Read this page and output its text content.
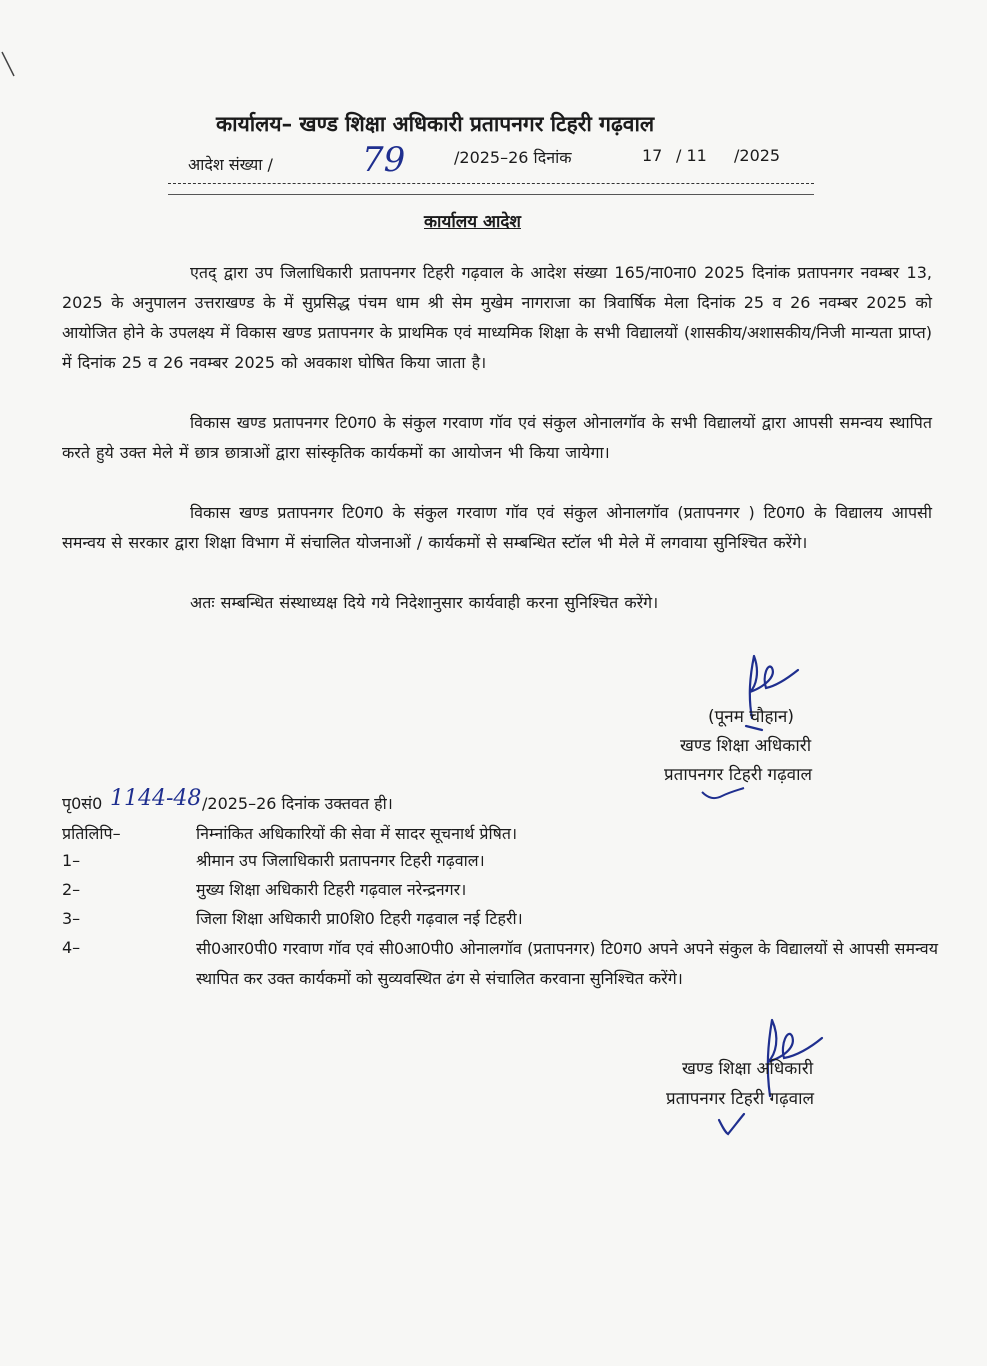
कार्यालय– खण्ड शिक्षा अधिकारी प्रतापनगर टिहरी गढ़वाल
आदेश संख्या /	79	/2025–26 दिनांक	17 / 11 /2025
कार्यालय आदेश
एतद् द्वारा उप जिलाधिकारी प्रतापनगर टिहरी गढ़वाल के आदेश संख्या 165/ना0ना0 2025 दिनांक प्रतापनगर नवम्बर 13, 2025 के अनुपालन उत्तराखण्ड के में सुप्रसिद्ध पंचम धाम श्री सेम मुखेम नागराजा का त्रिवार्षिक मेला दिनांक 25 व 26 नवम्बर 2025 को आयोजित होने के उपलक्ष्य में विकास खण्ड प्रतापनगर के प्राथमिक एवं माध्यमिक शिक्षा के सभी विद्यालयों (शासकीय/अशासकीय/निजी मान्यता प्राप्त) में दिनांक 25 व 26 नवम्बर 2025 को अवकाश घोषित किया जाता है।
विकास खण्ड प्रतापनगर टि0ग0 के संकुल गरवाण गॉव एवं संकुल ओनालगॉव के सभी विद्यालयों द्वारा आपसी समन्वय स्थापित करते हुये उक्त मेले में छात्र छात्राओं द्वारा सांस्कृतिक कार्यकमों का आयोजन भी किया जायेगा।
विकास खण्ड प्रतापनगर टि0ग0 के संकुल गरवाण गॉव एवं संकुल ओनालगॉव (प्रतापनगर ) टि0ग0 के विद्यालय आपसी समन्वय से सरकार द्वारा शिक्षा विभाग में संचालित योजनाओं / कार्यकमों से सम्बन्धित स्टॉल भी मेले में लगवाया सुनिश्चित करेंगे।
अतः सम्बन्धित संस्थाध्यक्ष दिये गये निदेशानुसार कार्यवाही करना सुनिश्चित करेंगे।
(पूनम चौहान)
खण्ड शिक्षा अधिकारी
प्रतापनगर टिहरी गढ़वाल
पृ0सं0 1144-48 /2025–26 दिनांक उक्तवत ही।
प्रतिलिपि–	निम्नांकित अधिकारियों की सेवा में सादर सूचनार्थ प्रेषित।
1–	श्रीमान उप जिलाधिकारी प्रतापनगर टिहरी गढ़वाल।
2–	मुख्य शिक्षा अधिकारी टिहरी गढ़वाल नरेन्द्रनगर।
3–	जिला शिक्षा अधिकारी प्रा0शि0 टिहरी गढ़वाल नई टिहरी।
4–	सी0आर0पी0 गरवाण गॉव एवं सी0आ0पी0 ओनालगॉव (प्रतापनगर) टि0ग0 अपने अपने संकुल के विद्यालयों से आपसी समन्वय स्थापित कर उक्त कार्यकमों को सुव्यवस्थित ढंग से संचालित करवाना सुनिश्चित करेंगे।
खण्ड शिक्षा अधिकारी
प्रतापनगर टिहरी गढ़वाल
